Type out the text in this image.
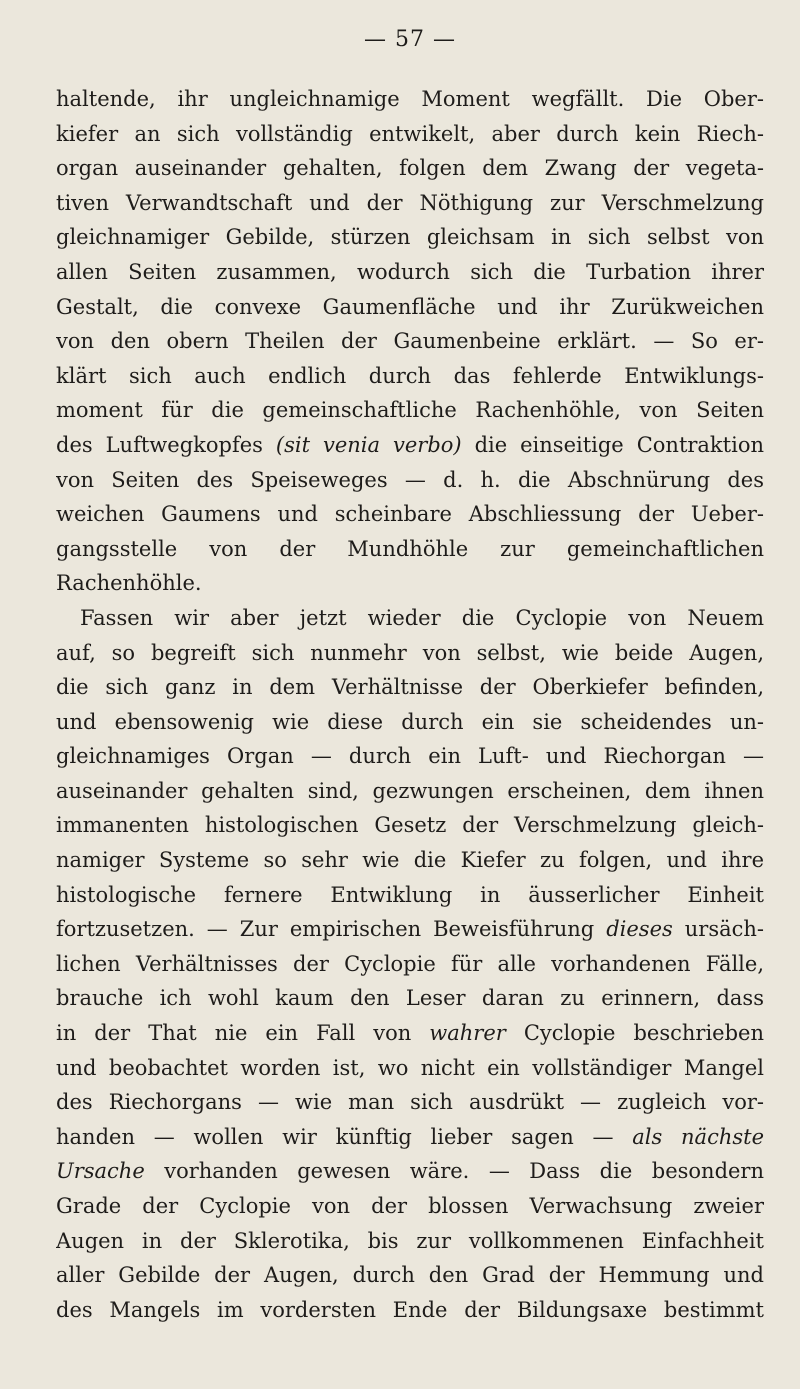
— 57 —
haltende, ihr ungleichnamige Moment wegfällt. Die Ober-
kiefer an sich vollständig entwikelt, aber durch kein Riech-
organ auseinander gehalten, folgen dem Zwang der vegeta-
tiven Verwandtschaft und der Nöthigung zur Verschmelzung
gleichnamiger Gebilde, stürzen gleichsam in sich selbst von
allen Seiten zusammen, wodurch sich die Turbation ihrer
Gestalt, die convexe Gaumenfläche und ihr Zurükweichen
von den obern Theilen der Gaumenbeine erklärt. — So er-
klärt sich auch endlich durch das fehlerde Entwiklungs-
moment für die gemeinschaftliche Rachenhöhle, von Seiten
des Luftwegkopfes (sit venia verbo) die einseitige Contraktion
von Seiten des Speiseweges — d. h. die Abschnürung des
weichen Gaumens und scheinbare Abschliessung der Ueber-
gangsstelle von der Mundhöhle zur gemeinchaftlichen
Rachenhöhle.
Fassen wir aber jetzt wieder die Cyclopie von Neuem
auf, so begreift sich nunmehr von selbst, wie beide Augen,
die sich ganz in dem Verhältnisse der Oberkiefer befinden,
und ebensowenig wie diese durch ein sie scheidendes un-
gleichnamiges Organ — durch ein Luft- und Riechorgan —
auseinander gehalten sind, gezwungen erscheinen, dem ihnen
immanenten histologischen Gesetz der Verschmelzung gleich-
namiger Systeme so sehr wie die Kiefer zu folgen, und ihre
histologische fernere Entwiklung in äusserlicher Einheit
fortzusetzen. — Zur empirischen Beweisführung dieses ursäch-
lichen Verhältnisses der Cyclopie für alle vorhandenen Fälle,
brauche ich wohl kaum den Leser daran zu erinnern, dass
in der That nie ein Fall von wahrer Cyclopie beschrieben
und beobachtet worden ist, wo nicht ein vollständiger Mangel
des Riechorgans — wie man sich ausdrükt — zugleich vor-
handen — wollen wir künftig lieber sagen — als nächste
Ursache vorhanden gewesen wäre. — Dass die besondern
Grade der Cyclopie von der blossen Verwachsung zweier
Augen in der Sklerotika, bis zur vollkommenen Einfachheit
aller Gebilde der Augen, durch den Grad der Hemmung und
des Mangels im vordersten Ende der Bildungsaxe bestimmt
